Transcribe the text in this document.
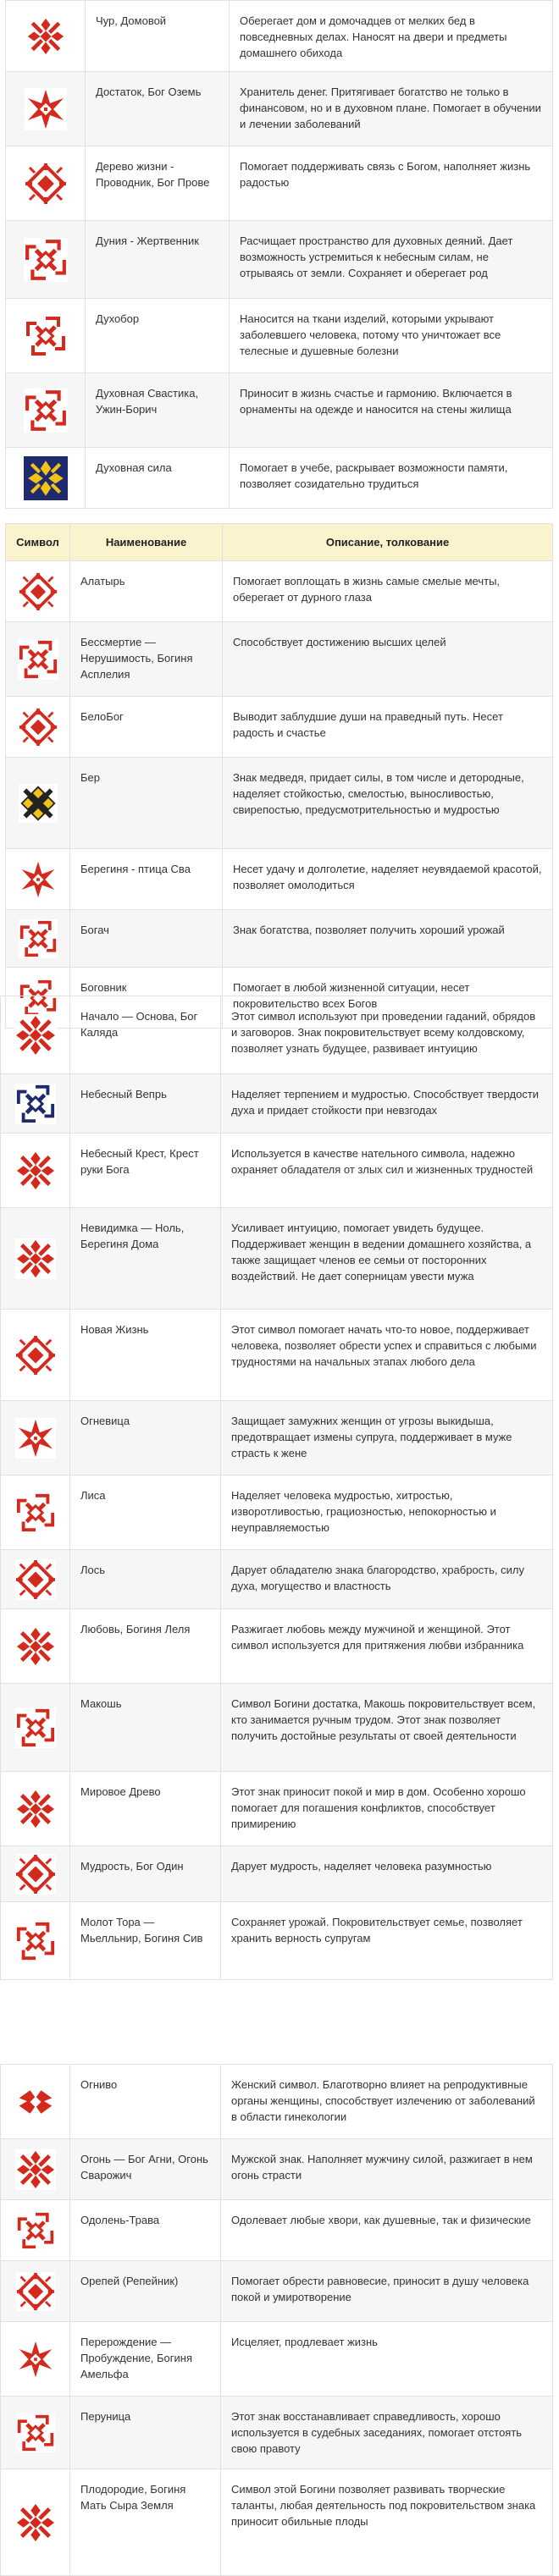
Чур, Домовой	Оберегает дом и домочадцев от мелких бед в повседневных делах. Наносят на двери и предметы домашнего обихода

Достаток, Бог Оземь	Хранитель денег. Притягивает богатство не только в финансовом, но и в духовном плане. Помогает в обучении и лечении заболеваний

Дерево жизни - Проводник, Бог Прове	Помогает поддерживать связь с Богом, наполняет жизнь радостью

Дуния - Жертвенник	Расчищает пространство для духовных деяний. Дает возможность устремиться к небесным силам, не отрываясь от земли. Сохраняет и оберегает род

Духобор	Наносится на ткани изделий, которыми укрывают заболевшего человека, потому что уничтожает все телесные и душевные болезни

Духовная Свастика, Ужин-Борич	Приносит в жизнь счастье и гармонию. Включается в орнаменты на одежде и наносится на стены жилища

Духовная сила	Помогает в учебе, раскрывает возможности памяти, позволяет созидательно трудиться
Символ	Наименование	Описание, толкование

Алатырь	Помогает воплощать в жизнь самые смелые мечты, оберегает от дурного глаза

Бессмертие — Нерушимость, Богиня Асплелия	Способствует достижению высших целей

БелоБог	Выводит заблудшие души на праведный путь. Несет радость и счастье

Бер	Знак медведя, придает силы, в том числе и детородные, наделяет стойкостью, смелостью, выносливостью, свирепостью, предусмотрительностью и мудростью

Берегиня - птица Сва	Несет удачу и долголетие, наделяет неувядаемой красотой, позволяет омолодиться

Богач	Знак богатства, позволяет получить хороший урожай

Боговник	Помогает в любой жизненной ситуации, несет покровительство всех Богов

Начало — Основа, Бог Каляда	Этот символ используют при проведении гаданий, обрядов и заговоров. Знак покровительствует всему колдовскому, позволяет узнать будущее, развивает интуицию

Небесный Вепрь	Наделяет терпением и мудростью. Способствует твердости духа и придает стойкости при невзгодах

Небесный Крест, Крест руки Бога	Используется в качестве нательного символа, надежно охраняет обладателя от злых сил и жизненных трудностей

Невидимка — Ноль, Берегиня Дома	Усиливает интуицию, помогает увидеть будущее. Поддерживает женщин в ведении домашнего хозяйства, а также защищает членов ее семьи от посторонних воздействий. Не дает соперницам увести мужа

Новая Жизнь	Этот символ помогает начать что-то новое, поддерживает человека, позволяет обрести успех и справиться с любыми трудностями на начальных этапах любого дела

Огневица	Защищает замужних женщин от угрозы выкидыша, предотвращает измены супруга, поддерживает в муже страсть к жене

Лиса	Наделяет человека мудростью, хитростью, изворотливостью, грациозностью, непокорностью и неуправляемостью

Лось	Дарует обладателю знака благородство, храбрость, силу духа, могущество и властность

Любовь, Богиня Леля	Разжигает любовь между мужчиной и женщиной. Этот символ используется для притяжения любви избранника

Макошь	Символ Богини достатка, Макошь покровительствует всем, кто занимается ручным трудом. Этот знак позволяет получить достойные результаты от своей деятельности

Мировое Древо	Этот знак приносит покой и мир в дом. Особенно хорошо помогает для погашения конфликтов, способствует примирению

Мудрость, Бог Один	Дарует мудрость, наделяет человека разумностью

Молот Тора — Мьелльнир, Богиня Сив	Сохраняет урожай. Покровительствует семье, позволяет хранить верность супругам

Огниво	Женский символ. Благотворно влияет на репродуктивные органы женщины, способствует излечению от заболеваний в области гинекологии

Огонь — Бог Агни, Огонь Сварожич	Мужской знак. Наполняет мужчину силой, разжигает в нем огонь страсти

Одолень-Трава	Одолевает любые хвори, как душевные, так и физические

Орепей (Репейник)	Помогает обрести равновесие, приносит в душу человека покой и умиротворение

Перерождение — Пробуждение, Богиня Амельфа	Исцеляет, продлевает жизнь

Перуница	Этот знак восстанавливает справедливость, хорошо используется в судебных заседаниях, помогает отстоять свою правоту

Плодородие, Богиня Мать Сыра Земля	Символ этой Богини позволяет развивать творческие таланты, любая деятельность под покровительством знака приносит обильные плоды
